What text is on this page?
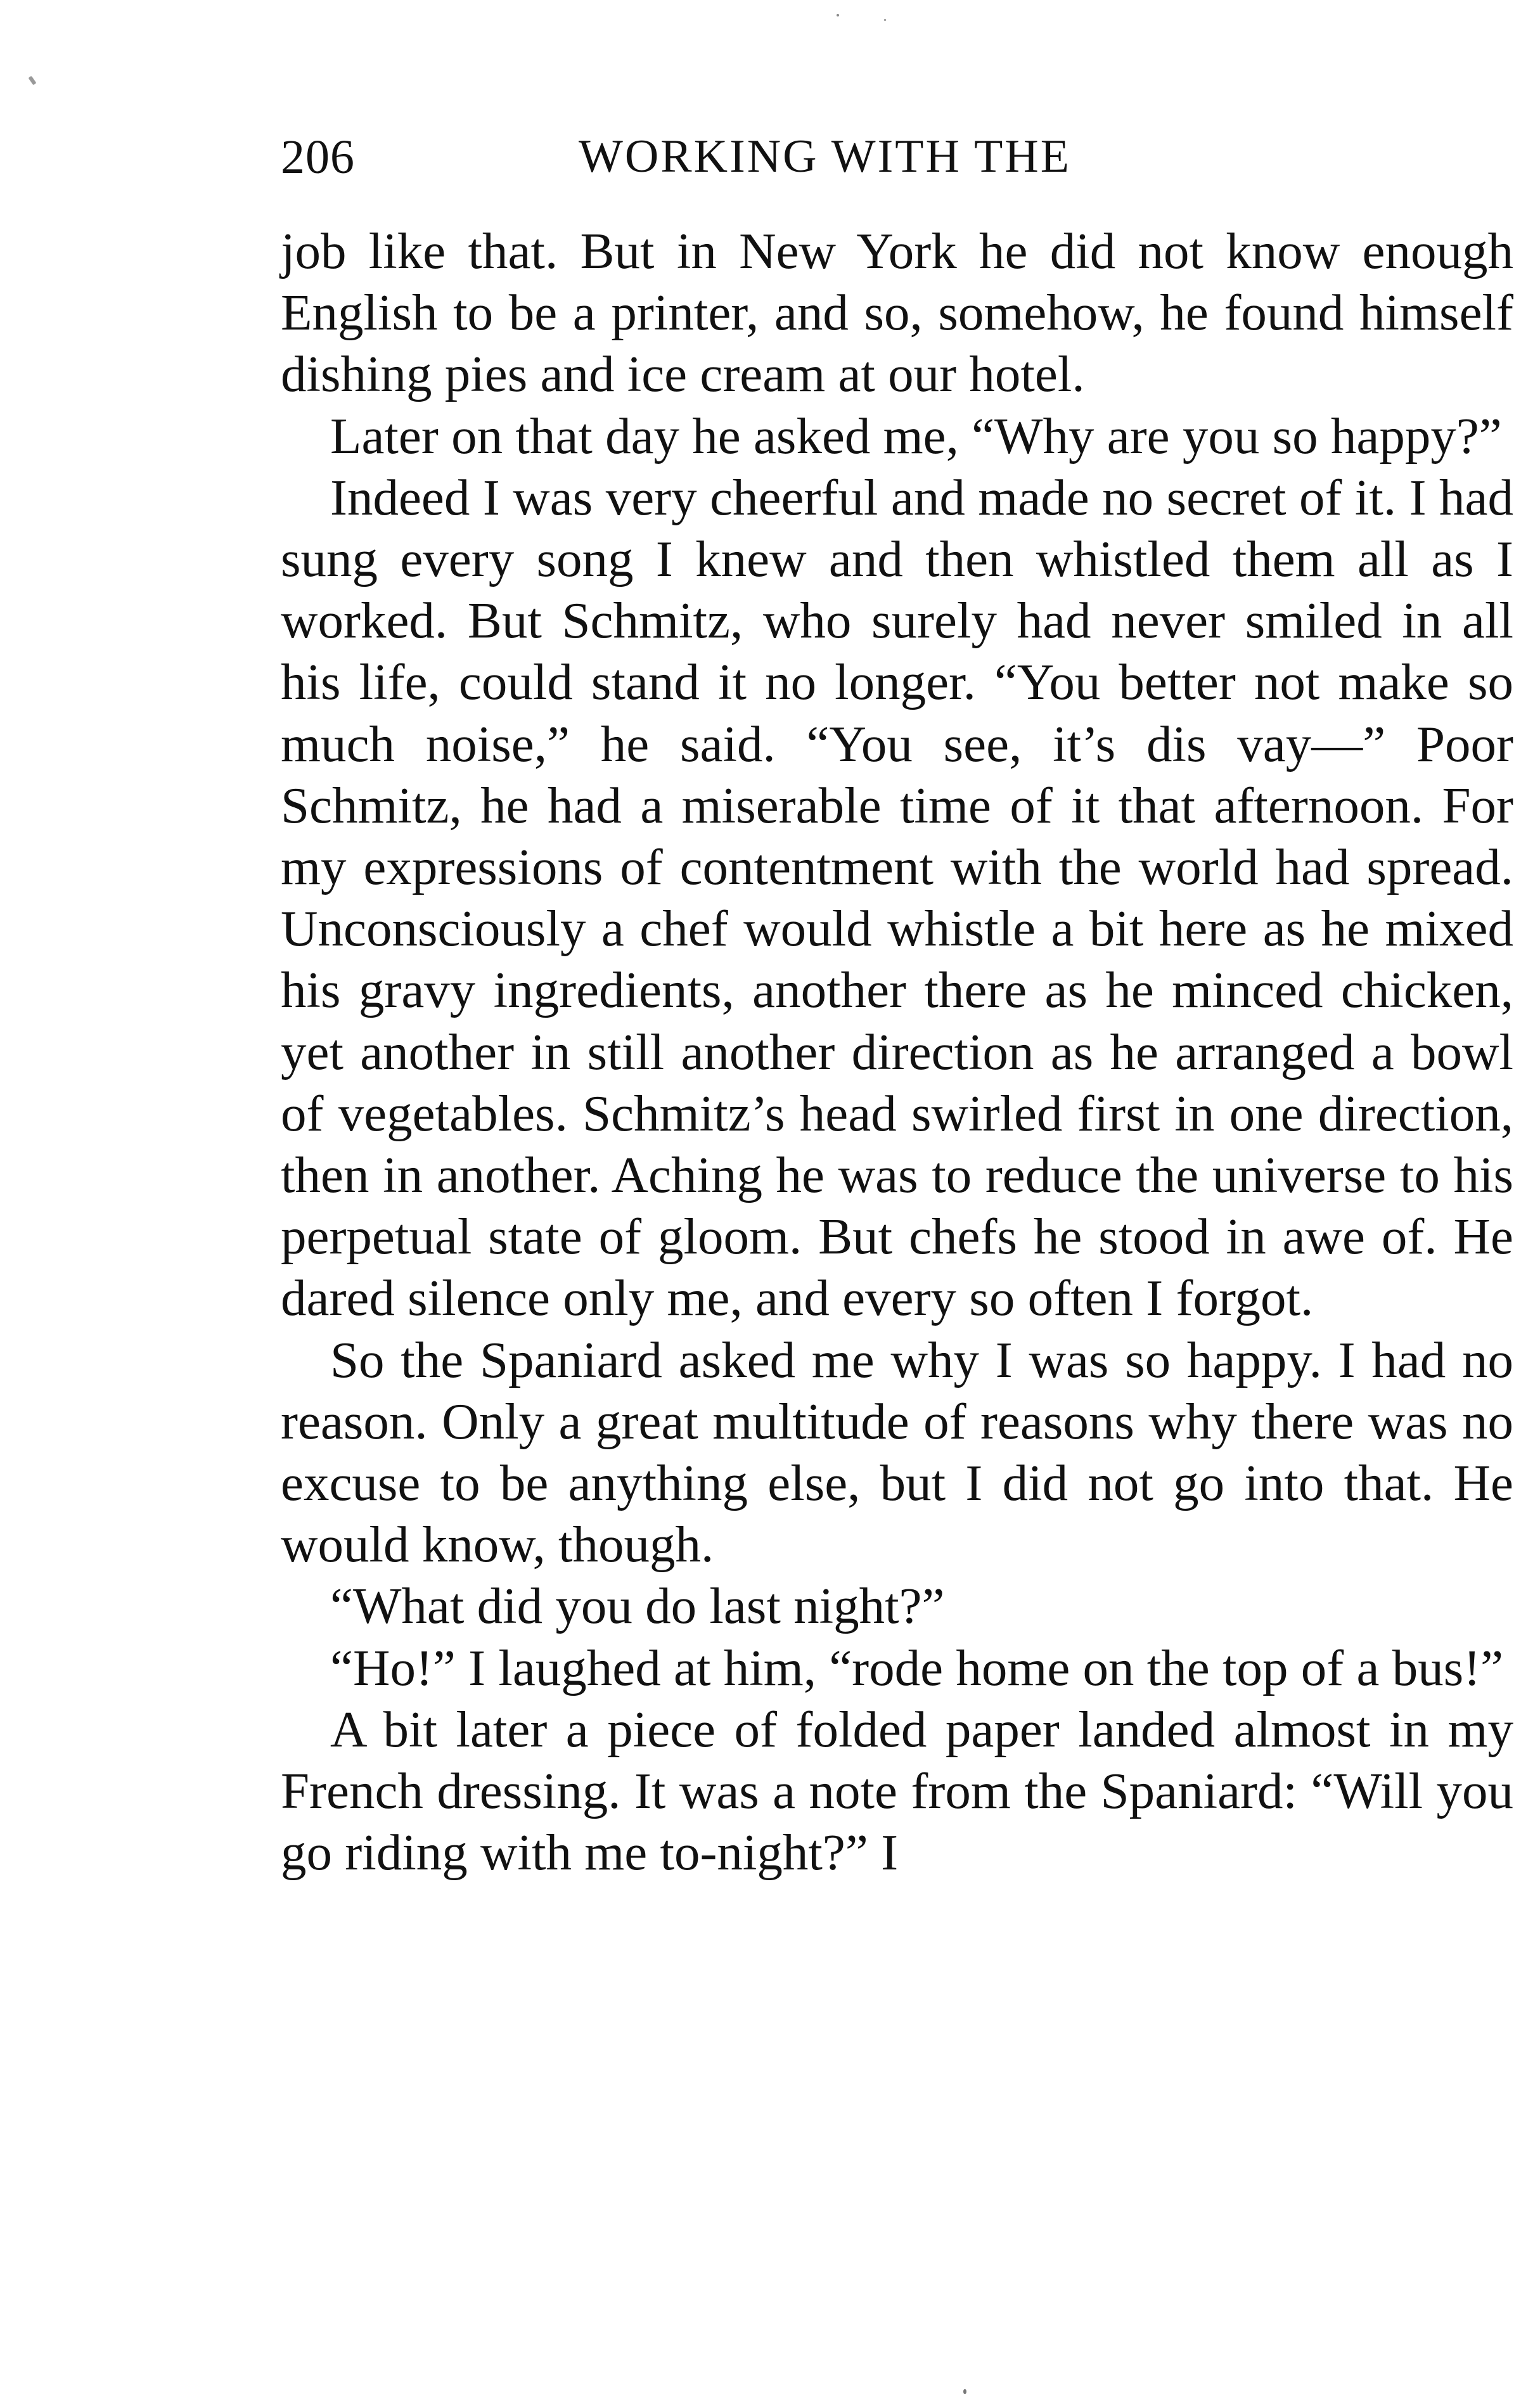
206	WORKING WITH THE

job like that. But in New York he did not know enough English to be a printer, and so, somehow, he found himself dishing pies and ice cream at our hotel.

Later on that day he asked me, “Why are you so happy?”

Indeed I was very cheerful and made no secret of it. I had sung every song I knew and then whistled them all as I worked. But Schmitz, who surely had never smiled in all his life, could stand it no longer. “You better not make so much noise,” he said. “You see, it’s dis vay—” Poor Schmitz, he had a miserable time of it that afternoon. For my expressions of contentment with the world had spread. Unconsciously a chef would whistle a bit here as he mixed his gravy ingredients, another there as he minced chicken, yet another in still another direction as he arranged a bowl of vegetables. Schmitz’s head swirled first in one direction, then in another. Aching he was to reduce the universe to his perpetual state of gloom. But chefs he stood in awe of. He dared silence only me, and every so often I forgot.

So the Spaniard asked me why I was so happy. I had no reason. Only a great multitude of reasons why there was no excuse to be anything else, but I did not go into that. He would know, though.

“What did you do last night?”

“Ho!” I laughed at him, “rode home on the top of a bus!”

A bit later a piece of folded paper landed almost in my French dressing. It was a note from the Spaniard: “Will you go riding with me to-night?” I
